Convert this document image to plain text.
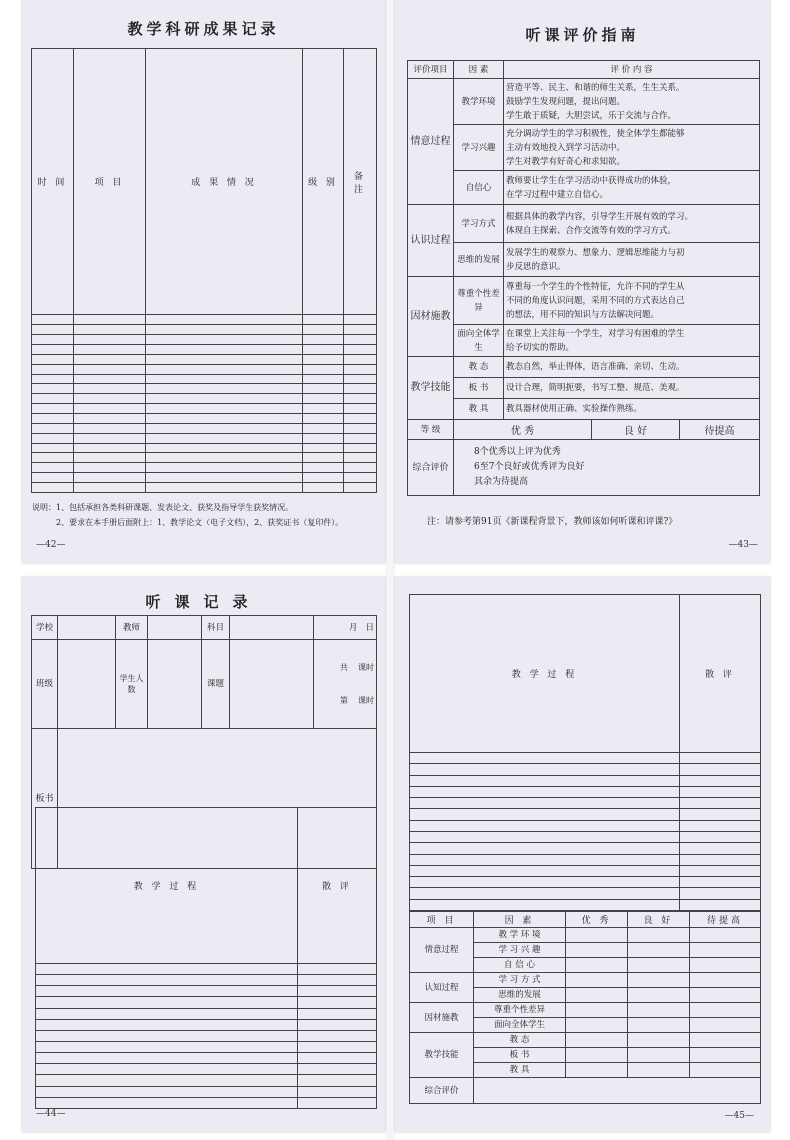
教学科研成果记录
时 间	项 目	成 果 情 况	级 别	备 注

说明：1、包括承担各类科研课题、发表论文、获奖及指导学生获奖情况。
2、要求在本手册后面附上：1、教学论文（电子文档），2、获奖证书（复印件）。
—42—
听课评价指南
评价项目	因 素	评 价 内 容		
情意过程	教学环境	营造平等、民主、和谐的师生关系，生生关系。
鼓励学生发现问题，提出问题。
学生敢于质疑，大胆尝试，乐于交流与合作。		

	学习兴趣	充分调动学生的学习积极性，使全体学生都能够
主动有效地投入到学习活动中。
学生对教学有好奇心和求知欲。		

	自信心	教师要让学生在学习活动中获得成功的体验，
在学习过程中建立自信心。		

认识过程	学习方式	根据具体的教学内容，引导学生开展有效的学习。
体现自主探索、合作交流等有效的学习方式。		

	思维的发展	发展学生的观察力、想象力、逻辑思维能力与初
步反思的意识。		

因材施教	尊重个性差异	尊重每一个学生的个性特征，允许不同的学生从
不同的角度认识问题，采用不同的方式表达自己
的想法，用不同的知识与方法解决问题。		

	面向全体学生	在课堂上关注每一个学生，对学习有困难的学生
给予切实的帮助。		

教学技能	教 态	教态自然，举止得体，语言准确、亲切、生动。		
	板 书	设计合理，简明扼要，书写工整、规范、美观。		
	教 具	教具器材使用正确、实验操作熟练。		
等 级	优 秀		良 好	待提高
综合评价	8个优秀以上评为优秀
6至7个良好或优秀评为良好
其余为待提高			
注：请参考第91页《新课程背景下，教师该如何听课和评课?》
—43—
听课记录
学校		教师		科目		月   日
班级		学生人数		课题		共    课时

第    课时

板书						
教 学 过 程	散 评

—44—
教 学 过 程	散 评

项 目	因 素	优 秀	良 好	待提高
情意过程	教 学 环 境			
	学 习 兴 趣			
	自 信 心			
认知过程	学 习 方 式			
	思维的发展			
因材施教	尊重个性差异			
	面向全体学生			
教学技能	教 态			
	板 书			
	教 具			
综合评价				
—45—
